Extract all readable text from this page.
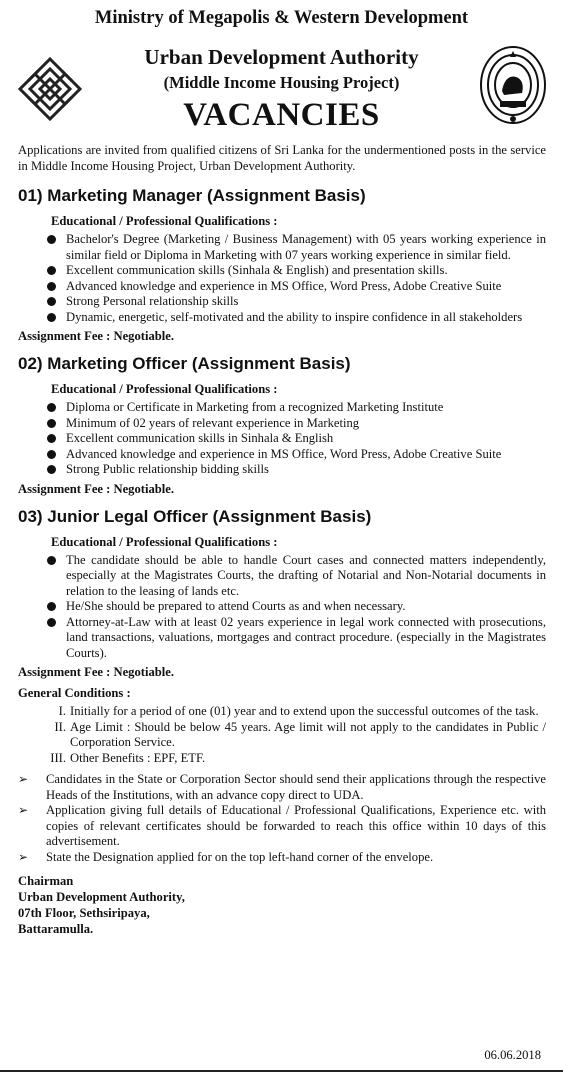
Ministry of Megapolis & Western Development
Urban Development Authority
(Middle Income Housing Project)
VACANCIES
Applications are invited from qualified citizens of Sri Lanka for the undermentioned posts in the service in Middle Income Housing Project, Urban Development Authority.
01) Marketing Manager (Assignment Basis)
Educational / Professional Qualifications :
Bachelor's Degree (Marketing / Business Management) with 05 years working experience in similar field or Diploma in Marketing with 07 years working experience in similar field.
Excellent communication skills (Sinhala & English) and presentation skills.
Advanced knowledge and experience in MS Office, Word Press, Adobe Creative Suite
Strong Personal relationship skills
Dynamic, energetic, self-motivated and the ability to inspire confidence in all stakeholders
Assignment Fee : Negotiable.
02) Marketing Officer (Assignment Basis)
Educational / Professional Qualifications :
Diploma or Certificate in Marketing from a recognized Marketing Institute
Minimum of 02 years of relevant experience in Marketing
Excellent communication skills in Sinhala & English
Advanced knowledge and experience in MS Office, Word Press, Adobe Creative Suite
Strong Public relationship bidding skills
Assignment Fee : Negotiable.
03) Junior Legal Officer (Assignment Basis)
Educational / Professional Qualifications :
The candidate should be able to handle Court cases and connected matters independently, especially at the Magistrates Courts, the drafting of Notarial and Non-Notarial documents in relation to the leasing of lands etc.
He/She should be prepared to attend Courts as and when necessary.
Attorney-at-Law with at least 02 years experience in legal work connected with prosecutions, land transactions, valuations, mortgages and contract procedure. (especially in the Magistrates Courts).
Assignment Fee : Negotiable.
General Conditions :
I. Initially for a period of one (01) year and to extend upon the successful outcomes of the task.
II. Age Limit : Should be below 45 years. Age limit will not apply to the candidates in Public / Corporation Service.
III. Other Benefits : EPF, ETF.
➢ Candidates in the State or Corporation Sector should send their applications through the respective Heads of the Institutions, with an advance copy direct to UDA.
➢ Application giving full details of Educational / Professional Qualifications, Experience etc. with copies of relevant certificates should be forwarded to reach this office within 10 days of this advertisement.
➢ State the Designation applied for on the top left-hand corner of the envelope.
Chairman
Urban Development Authority,
07th Floor, Sethsiripaya,
Battaramulla.
06.06.2018
